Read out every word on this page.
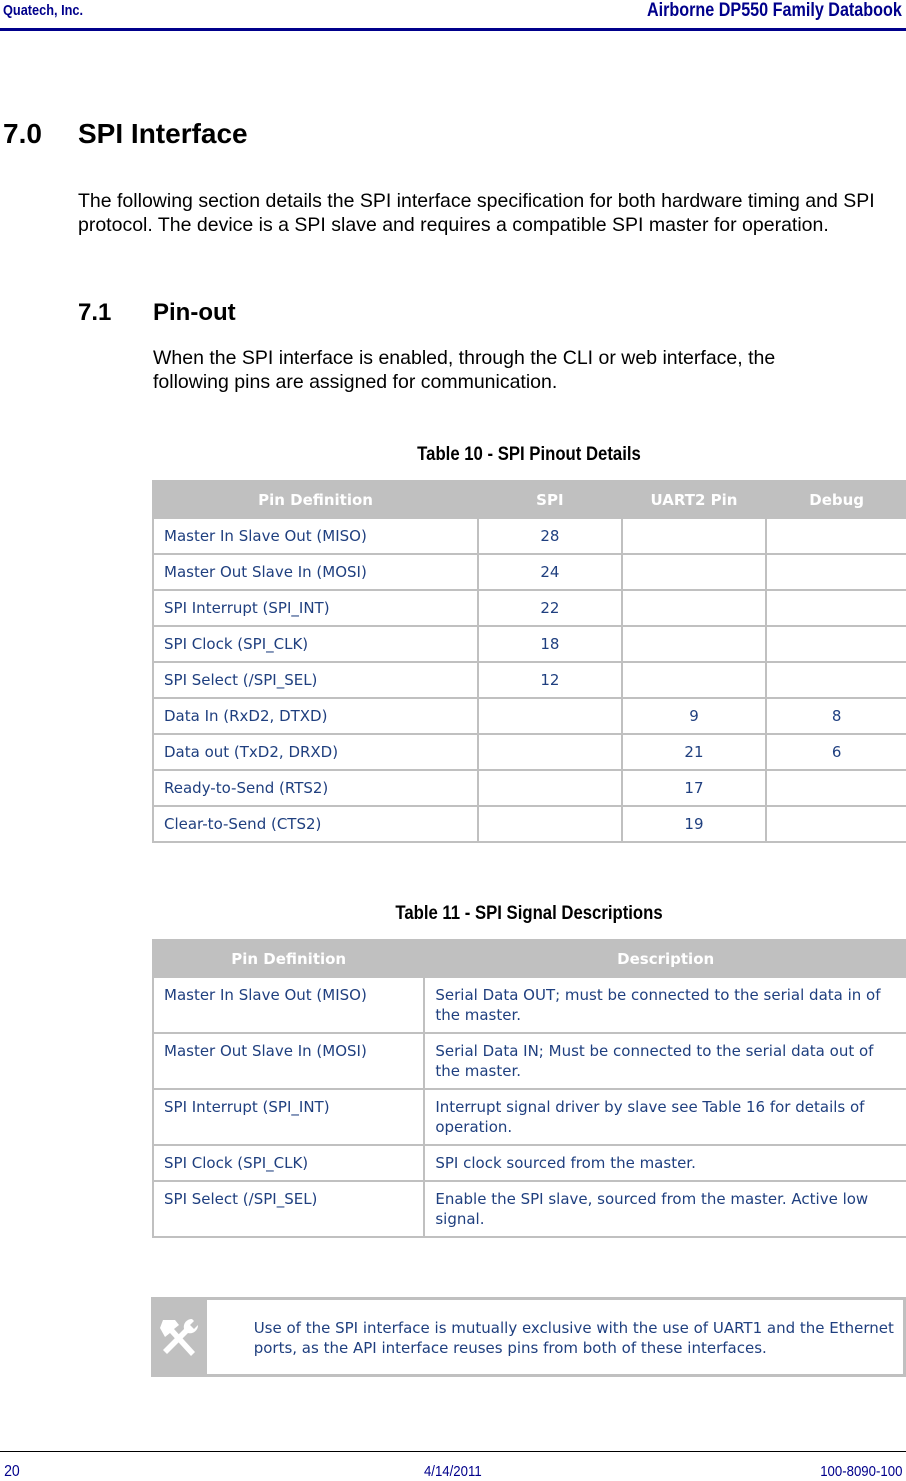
Quatech, Inc.	Airborne DP550 Family Databook
7.0 SPI Interface
The following section details the SPI interface specification for both hardware timing and SPI protocol. The device is a SPI slave and requires a compatible SPI master for operation.
7.1 Pin-out
When the SPI interface is enabled, through the CLI or web interface, the following pins are assigned for communication.
Table 10 - SPI Pinout Details
Pin Definition	SPI	UART2 Pin	Debug
Master In Slave Out (MISO)	28		
Master Out Slave In (MOSI)	24		
SPI Interrupt (SPI_INT)	22		
SPI Clock (SPI_CLK)	18		
SPI Select (/SPI_SEL)	12		
Data In (RxD2, DTXD)		9	8
Data out (TxD2, DRXD)		21	6
Ready-to-Send (RTS2)		17	
Clear-to-Send (CTS2)		19	
Table 11 - SPI Signal Descriptions
Pin Definition	Description
Master In Slave Out (MISO)	Serial Data OUT; must be connected to the serial data in of the master.
Master Out Slave In (MOSI)	Serial Data IN; Must be connected to the serial data out of the master.
SPI Interrupt (SPI_INT)	Interrupt signal driver by slave see Table 16 for details of operation.
SPI Clock (SPI_CLK)	SPI clock sourced from the master.
SPI Select (/SPI_SEL)	Enable the SPI slave, sourced from the master. Active low signal.
Use of the SPI interface is mutually exclusive with the use of UART1 and the Ethernet ports, as the API interface reuses pins from both of these interfaces.
20	4/14/2011	100-8090-100
